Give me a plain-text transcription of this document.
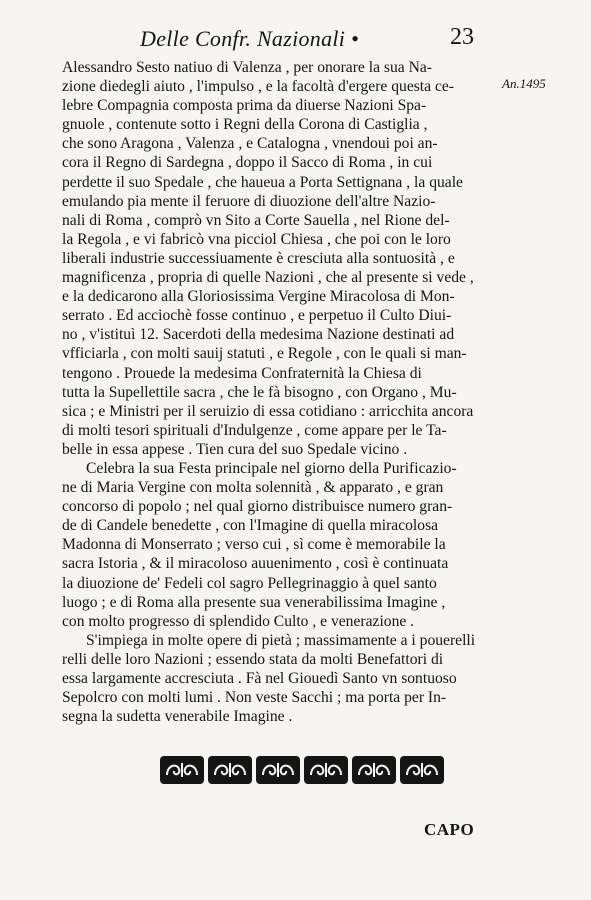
Delle Confr. Nazionali •	23
An.1495
Alessandro Sesto natiuo di Valenza , per onorare la sua Na-
zione diedegli aiuto , l'impulso , e la facoltà d'ergere questa ce-
lebre Compagnia composta prima da diuerse Nazioni Spa-
gnuole , contenute sotto i Regni della Corona di Castiglia ,
che sono Aragona , Valenza , e Catalogna , vnendoui poi an-
cora il Regno di Sardegna , doppo il Sacco di Roma , in cui
perdette il suo Spedale , che haueua a Porta Settignana , la quale
emulando pia mente il feruore di diuozione dell'altre Nazio-
nali di Roma , comprò vn Sito a Corte Sauella , nel Rione del-
la Regola , e vi fabricò vna picciol Chiesa , che poi con le loro
liberali industrie successiuamente è cresciuta alla sontuosità , e
magnificenza , propria di quelle Nazioni , che al presente si vede ,
e la dedicarono alla Gloriosissima Vergine Miracolosa di Mon-
serrato . Ed acciochè fosse continuo , e perpetuo il Culto Diui-
no , v'istituì 12. Sacerdoti della medesima Nazione destinati ad
vfficiarla , con molti sauij statuti , e Regole , con le quali si man-
tengono . Prouede la medesima Confraternità la Chiesa di
tutta la Supellettile sacra , che le fà bisogno , con Organo , Mu-
sica ; e Ministri per il seruizio di essa cotidiano : arricchita ancora
di molti tesori spirituali d'Indulgenze , come appare per le Ta-
belle in essa appese . Tien cura del suo Spedale vicino .
Celebra la sua Festa principale nel giorno della Purificazio-
ne di Maria Vergine con molta solennità , & apparato , e gran
concorso di popolo ; nel qual giorno distribuisce numero gran-
de di Candele benedette , con l'Imagine di quella miracolosa
Madonna di Monserrato ; verso cui , sì come è memorabile la
sacra Istoria , & il miracoloso auuenimento , così è continuata
la diuozione de' Fedeli col sagro Pellegrinaggio à quel santo
luogo ; e di Roma alla presente sua venerabilissima Imagine ,
con molto progresso di splendido Culto , e venerazione .
S'impiega in molte opere di pietà ; massimamente a i pouerelli
relli delle loro Nazioni ; essendo stata da molti Benefattori di
essa largamente accresciuta . Fà nel Giouedì Santo vn sontuoso
Sepolcro con molti lumi . Non veste Sacchi ; ma porta per In-
segna la sudetta venerabile Imagine .
CAPO
